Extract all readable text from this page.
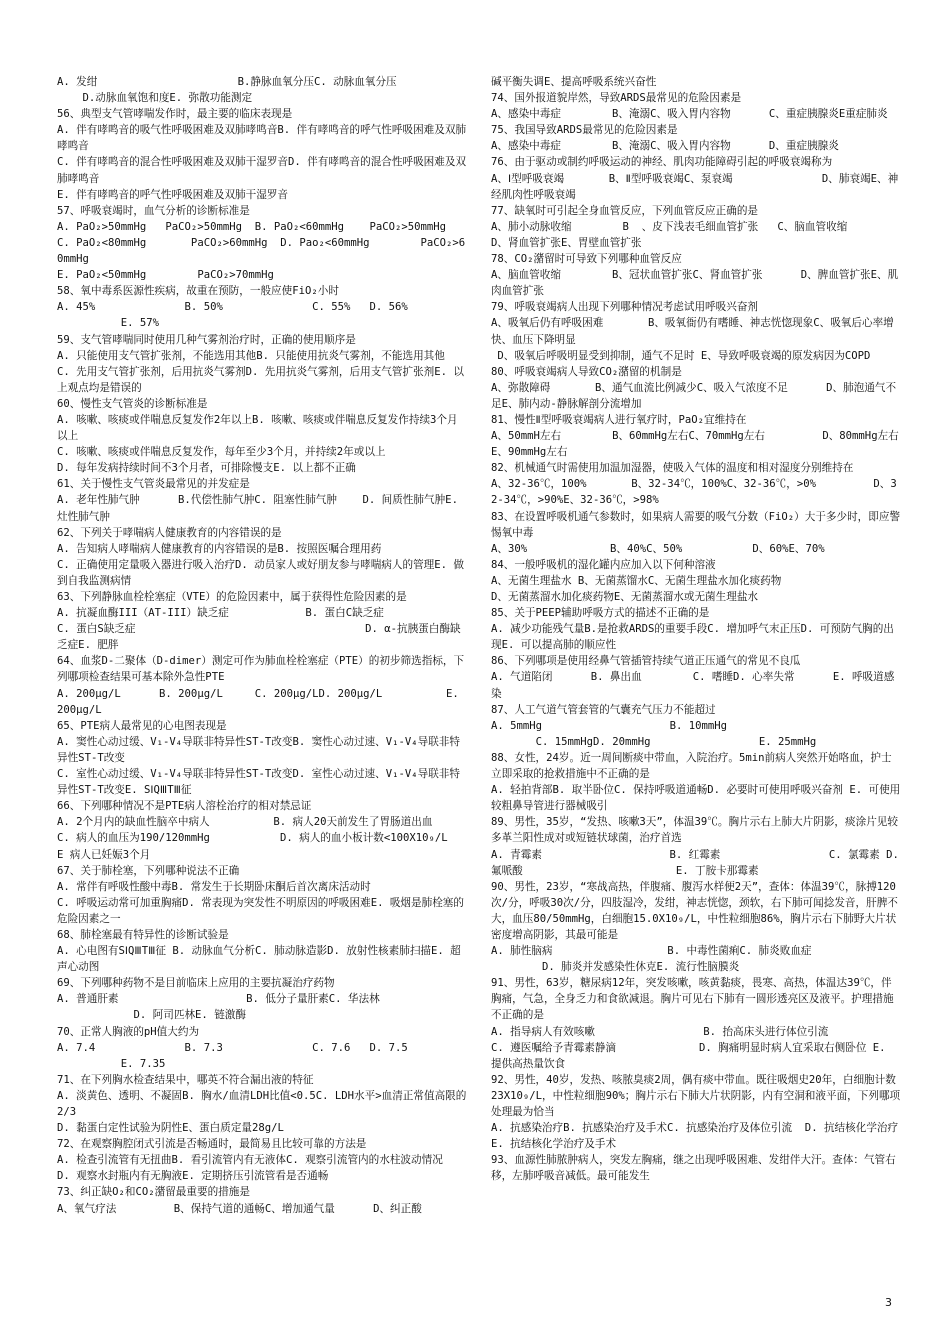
A. 发绀                      B.静脉血氧分压C. 动脉血氧分压
D.动脉血氧饱和度E. 弥散功能测定
56、典型支气管哮喘发作时，最主要的临床表现是
A. 伴有哮鸣音的吸气性呼吸困难及双肺哮鸣音B. 伴有哮鸣音的呼气性呼吸困难及双肺哮鸣音
C. 伴有哮鸣音的混合性呼吸困难及双肺干湿罗音D. 伴有哮鸣音的混合性呼吸困难及双肺哮鸣音
E. 伴有哮鸣音的呼气性呼吸困难及双肺干湿罗音
57、呼吸衰竭时，血气分析的诊断标准是
A. PaO₂>50mmHg   PaCO₂>50mmHg  B. PaO₂<60mmHg    PaCO₂>50mmHg
C. PaO₂<80mmHg       PaCO₂>60mmHg  D. Pao₂<60mmHg        PaCO₂>60mmHg
E. PaO₂<50mmHg        PaCO₂>70mmHg
58、氧中毒系医源性疾病，故重在预防，一般应使FiO₂小时
A. 45%              B. 50%              C. 55%   D. 56%
E. 57%
59、支气管哮喘同时使用几种气雾剂治疗时，正确的使用顺序是
A. 只能使用支气管扩张剂，不能选用其他B. 只能使用抗炎气雾剂，不能选用其他
C. 先用支气管扩张剂，后用抗炎气雾剂D. 先用抗炎气雾剂，后用支气管扩张剂E. 以上观点均是错误的
60、慢性支气管炎的诊断标准是
A. 咳嗽、咳痰或伴喘息反复发作2年以上B. 咳嗽、咳痰或伴喘息反复发作持续3个月以上
C. 咳嗽、咳痰或伴喘息反复发作，每年至少3个月，并持续2年或以上
D. 每年发病持续时间不3个月者，可排除慢支E. 以上都不正确
61、关于慢性支气管炎最常见的并发症是
A. 老年性肺气肿      B.代偿性肺气肿C. 阻塞性肺气肿    D. 间质性肺气肿E. 灶性肺气肿
62、下列关于哮喘病人健康教育的内容错误的是
A. 告知病人哮喘病人健康教育的内容错误的是B. 按照医嘱合理用药
C. 正确使用定量吸入器进行吸入治疗D. 动员家人或好朋友参与哮喘病人的管理E. 做到自我监测病情
63、下列静脉血栓栓塞症（VTE）的危险因素中，属于获得性危险因素的是
A. 抗凝血酶III（AT-III）缺乏症            B. 蛋白C缺乏症
C. 蛋白S缺乏症                                    D. α-抗胰蛋白酶缺乏症E. 肥胖
64、血浆D-二聚体（D-dimer）测定可作为肺血栓栓塞症（PTE）的初步筛选指标，下列哪项检查结果可基本除外急性PTE
A. 200μg/L      B. 200μg/L     C. 200μg/LD. 200μg/L          E. 200μg/L
65、PTE病人最常见的心电图表现是
A. 窦性心动过缓、V₁-V₄导联非特异性ST-T改变B. 窦性心动过速、V₁-V₄导联非特异性ST-T改变
C. 室性心动过缓、V₁-V₄导联非特异性ST-T改变D. 室性心动过速、V₁-V₄导联非特异性ST-T改变E. SⅠQⅢTⅢ征
66、下列哪种情况不是PTE病人溶栓治疗的相对禁忌证
A. 2个月内的缺血性脑卒中病人          B. 病人20天前发生了胃肠道出血
C. 病人的血压为190/120mmHg           D. 病人的血小板计数<100X10₉/L    E 病人已妊娠3个月
67、关于肺栓塞，下列哪种说法不正确
A. 常伴有呼吸性酸中毒B. 常发生于长期卧床酮后首次离床活动时
C. 呼吸运动常可加重胸痛D. 常表现为突发性不明原因的呼吸困难E. 吸烟是肺栓塞的危险因素之一
68、肺栓塞最有特异性的诊断试验是
A. 心电图有SⅠQⅢTⅢ征 B. 动脉血气分析C. 肺动脉造影D. 放射性核素肺扫描E. 超声心动图
69、下列哪种药物不是目前临床上应用的主要抗凝治疗药物
A. 普通肝素                    B. 低分子量肝素C. 华法林
D. 阿司匹林E. 链激酶
70、正常人胸液的pH值大约为
A. 7.4              B. 7.3              C. 7.6   D. 7.5
E. 7.35
71、在下列胸水检查结果中，哪英不符合漏出液的特征
A. 淡黄色、透明、不凝固B. 胸水/血清LDH比值<0.5C. LDH水平>血清正常值高限的2/3
D. 黏蛋白定性试验为阴性E、蛋白质定量28g/L
72、在观察胸腔闭式引流是否畅通时，最简易且比较可靠的方法是
A. 检查引流管有无扭曲B. 看引流管内有无液体C. 观察引流管内的水柱波动情况
D. 观察水封瓶内有无胸液E. 定期挤压引流管看是否通畅
73、纠正缺O₂和CO₂潴留最重要的措施是
A、氧气疗法         B、保持气道的通畅C、增加通气量      D、纠正酸
碱平衡失调E、提高呼吸系统兴奋性
74、国外报道貌岸然，导致ARDS最常见的危险因素是
A、感染中毒症        B、淹溺C、吸入胃内容物      C、重症胰腺炎E重症肺炎
75、我国导致ARDS最常见的危险因素是
A、感染中毒症        B、淹溺C、吸入胃内容物      D、重症胰腺炎
76、由于驱动或制约呼吸运动的神经、肌肉功能障碍引起的呼吸衰竭称为
A、Ⅰ型呼吸衰竭       B、Ⅱ型呼吸衰竭C、泵衰竭              D、肺衰竭E、神经肌肉性呼吸衰竭
77、缺氧时可引起全身血管反应，下列血管反应正确的是
A、肺小动脉收缩        B  、皮下浅表毛细血管扩张   C、脑血管收缩
D、肾血管扩张E、胃壁血管扩张
78、CO₂潴留时可导致下列哪种血管反应
A、脑血管收缩        B、冠状血管扩张C、肾血管扩张      D、脾血管扩张E、肌肉血管扩张
79、呼吸衰竭病人出现下列哪种情况考虑试用呼吸兴奋剂
A、吸氧后仍有呼吸困难       B、吸氧衙仍有嗜睡、神志恍惚现象C、吸氧后心率增快、血压下降明显
D、吸氧后呼吸明显受到抑制，通气不足时 E、导致呼吸衰竭的原发病因为COPD
80、呼吸衰竭病人导致CO₂潴留的机制是
A、弥散障碍       B、通气血流比例减少C、吸入气浓度不足      D、肺泡通气不足E、肺内动-静脉解剖分流增加
81、慢性Ⅱ型呼吸衰竭病人进行氧疗时，PaO₂宜维持在
A、50mmH左右        B、60mmHg左右C、70mmHg左右         D、80mmHg左右E、90mmHg左右
82、机械通气时需使用加温加湿器，使吸入气体的温度和相对湿度分别维持在
A、32-36℃，100%       B、32-34℃，100%C、32-36℃，>0%         D、32-34℃，>90%E、32-36℃，>98%
83、在设置呼吸机通气参数时，如果病人需要的吸气分数（FiO₂）大于多少时，即应警惕氧中毒
A、30%             B、40%C、50%           D、60%E、70%
84、一般呼吸机的湿化罐内应加入以下何种溶液
A、无菌生理盐水 B、无菌蒸馏水C、无菌生理盐水加化痰药物
D、无菌蒸溜水加化痰药物E、无菌蒸溜水或无菌生理盐水
85、关于PEEP辅助呼吸方式的描述不正确的是
A. 减少功能残气量B.是抢救ARDS的重要手段C. 增加呼气末正压D. 可预防气胸的出现E. 可以提高肺的顺应性
86、下列哪项是使用经鼻气管插管持续气道正压通气的常见不良瓜
A. 气道陷闭      B. 鼻出血        C. 嗜睡D. 心率失常      E. 呼吸道感染
87、人工气道气管套管的气囊充气压力不能超过
A. 5mmHg                    B. 10mmHg
C. 15mmHgD. 20mmHg                 E. 25mmHg
88、女性，24岁。近一周间断痰中带血，入院治疗。5min前病人突然开始咯血，护士立即采取的抢救措施中不正确的是
A. 轻拍背部B. 取半卧位C. 保持呼吸道通畅D. 必要时可使用呼吸兴奋剂 E. 可使用较粗鼻导管进行器械吸引
89、男性，35岁，“发热、咳嗽3天”，体温39℃。胸片示右上肺大片阴影，痰涂片见较多革兰阳性成对或短链状球菌，治疗首选
A. 青霉素                    B. 红霉素                 C. 氯霉素 D. 氟哌酸                        E. 丁胺卡那霉素
90、男性，23岁，“寒战高热，伴腹痛、腹泻水样便2天”，查体：体温39℃，脉搏120次/分，呼吸30次/分，四肢湿冷，发绀，神志恍惚，颈软，右下肺可闻捻发音，肝脾不大，血压80/50mmHg，白细胞15.0X10₉/L，中性粒细胞86%，胸片示右下肺野大片状密度增高阴影，其最可能是
A. 肺性脑病                  B. 中毒性菌痢C. 肺炎败血症
D. 肺炎并发感染性休克E. 流行性脑膜炎
91、男性，63岁，糖尿病12年，突发咳嗽，咳黄黏痰，畏寒、高热，体温达39℃，伴胸痛，气急，全身乏力和食欲减退。胸片可见右下肺有一圆形透亮区及液平。护理措施不正确的是
A. 指导病人有效咳嗽                 B. 抬高床头进行体位引流
C. 遵医嘱给予青霉素静滴             D. 胸痛明显时病人宜采取右侧卧位 E. 提供高热量饮食
92、男性，40岁，发热、咳脓臭痰2周，偶有痰中带血。既往吸烟史20年，白细胞计数23X10₉/L，中性粒细胞90%；胸片示右下肺大片状阴影，内有空洞和液平面，下列哪项处理最为恰当
A. 抗感染治疗B. 抗感染治疗及手术C. 抗感染治疗及体位引流  D. 抗结核化学治疗E. 抗结核化学治疗及手术
93、血源性肺脓肿病人，突发左胸痛，继之出现呼吸困难、发绀伴大汗。查体：气管右移，左肺呼吸音减低。最可能发生
3
